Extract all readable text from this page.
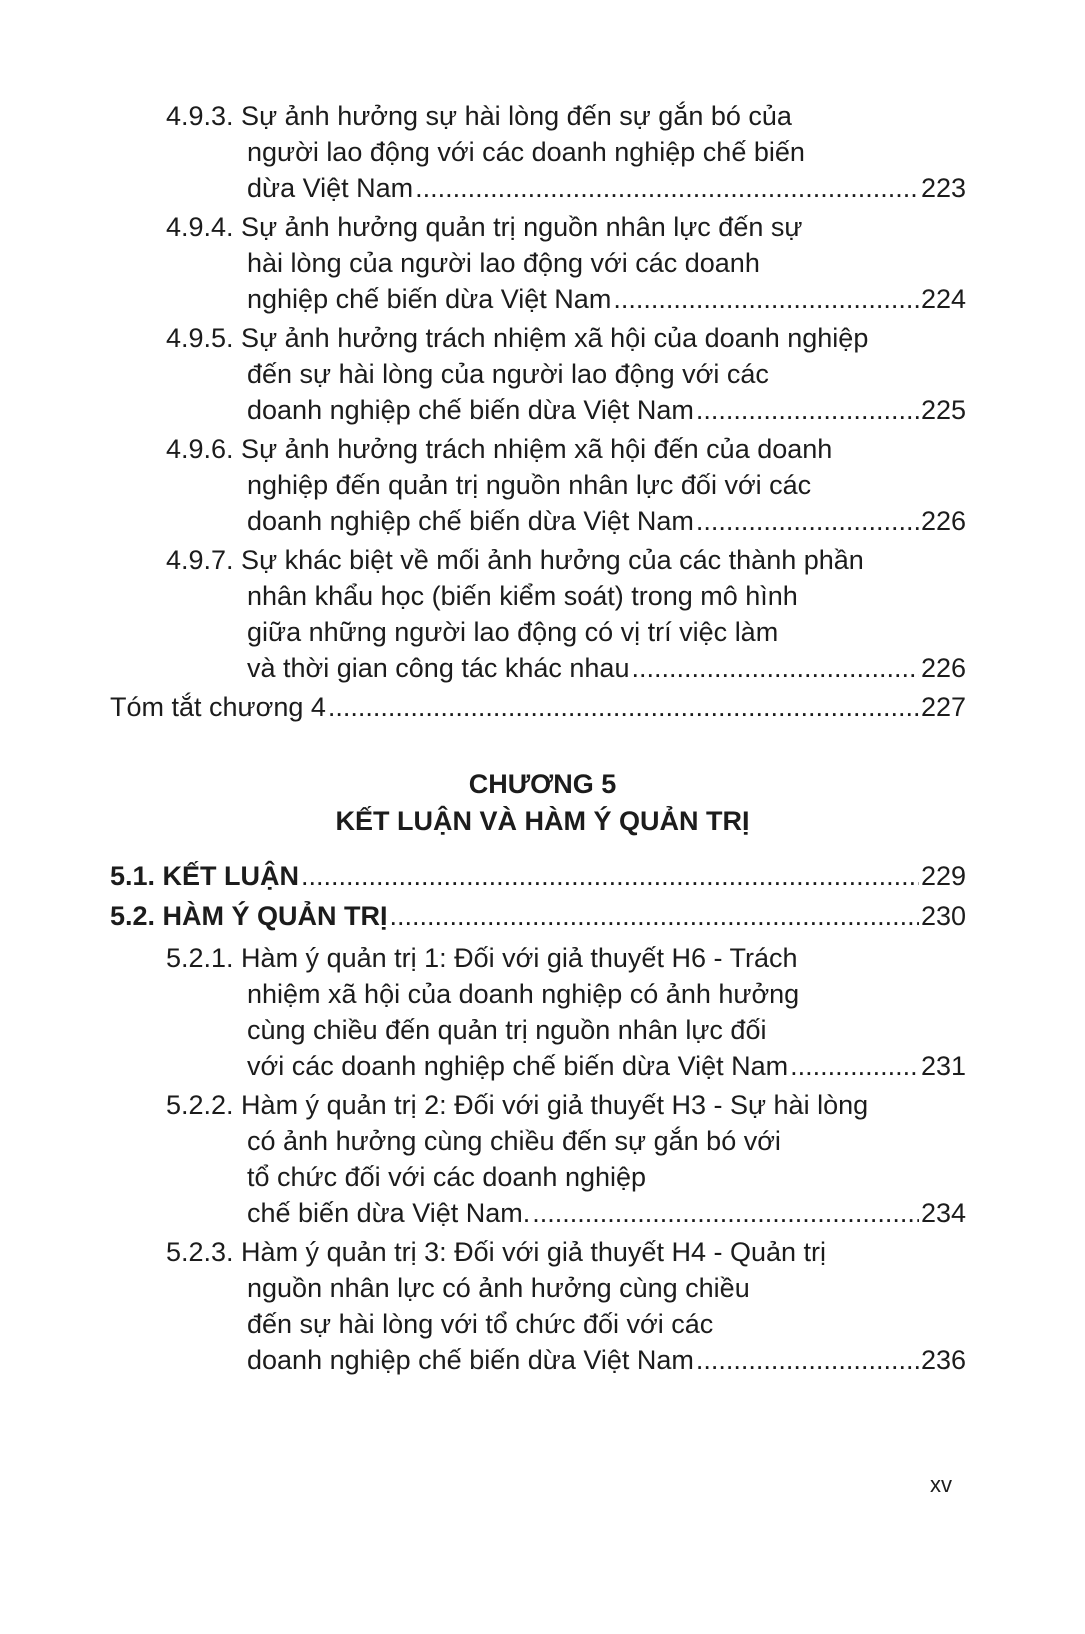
4.9.3. Sự ảnh hưởng sự hài lòng đến sự gắn bó của
người lao động với các doanh nghiệp chế biến
dừa Việt Nam .....	223
4.9.4. Sự ảnh hưởng quản trị nguồn nhân lực đến sự
hài lòng của người lao động với các doanh
nghiệp chế biến dừa Việt Nam .....	224
4.9.5. Sự ảnh hưởng trách nhiệm xã hội của doanh nghiệp
đến sự hài lòng của người lao động với các
doanh nghiệp chế biến dừa Việt Nam .....	225
4.9.6. Sự ảnh hưởng trách nhiệm xã hội đến của doanh
nghiệp đến quản trị nguồn nhân lực đối với các
doanh nghiệp chế biến dừa Việt Nam .....	226
4.9.7. Sự khác biệt về mối ảnh hưởng của các thành phần
nhân khẩu học (biến kiểm soát) trong mô hình
giữa những người lao động có vị trí việc làm
và thời gian công tác khác nhau .....	226
Tóm tắt chương 4 .....	227
CHƯƠNG 5
KẾT LUẬN VÀ HÀM Ý QUẢN TRỊ
5.1. KẾT LUẬN .....	229
5.2. HÀM Ý QUẢN TRỊ .....	230
5.2.1. Hàm ý quản trị 1: Đối với giả thuyết H6 - Trách
nhiệm xã hội của doanh nghiệp có ảnh hưởng
cùng chiều đến quản trị nguồn nhân lực đối
với các doanh nghiệp chế biến dừa Việt Nam .....	231
5.2.2. Hàm ý quản trị 2: Đối với giả thuyết H3 - Sự hài lòng
có ảnh hưởng cùng chiều đến sự gắn bó với
tổ chức đối với các doanh nghiệp
chế biến dừa Việt Nam. .....	234
5.2.3. Hàm ý quản trị 3: Đối với giả thuyết H4 - Quản trị
nguồn nhân lực có ảnh hưởng cùng chiều
đến sự hài lòng với tổ chức đối với các
doanh nghiệp chế biến dừa Việt Nam .....	236
xv
